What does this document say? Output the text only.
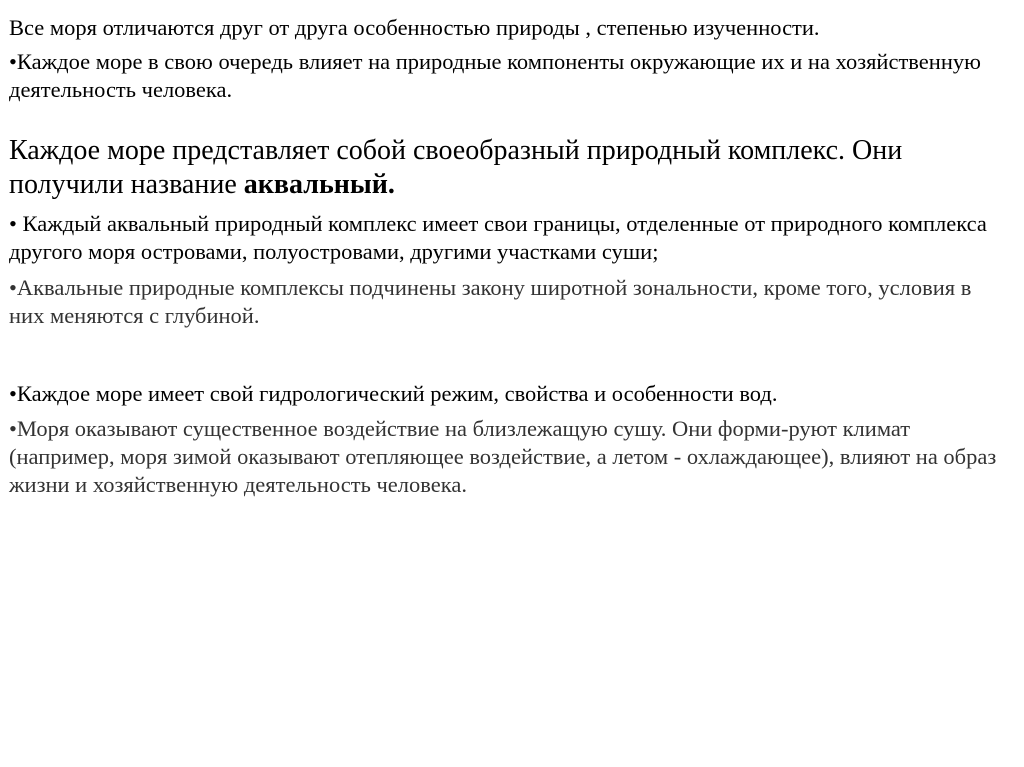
Все моря отличаются друг от друга особенностью природы , степенью изученности.

•Каждое море в свою очередь влияет на природные компоненты окружающие их и на хозяйственную деятельность человека.

Каждое море представляет собой своеобразный природный комплекс. Они получили название аквальный.

• Каждый аквальный природный комплекс имеет свои границы, отделенные от природного комплекса другого моря островами, полуостровами, другими участками суши;

•Аквальные природные комплексы подчинены закону широтной зональности, кроме того, условия в них меняются с глубиной.

•Каждое море имеет свой гидрологический режим, свойства и особенности вод.

•Моря оказывают существенное воздействие на близлежащую сушу. Они форми-руют климат (например, моря зимой оказывают отепляющее воздействие, а летом - охлаждающее), влияют на образ жизни и хозяйственную деятельность человека.
